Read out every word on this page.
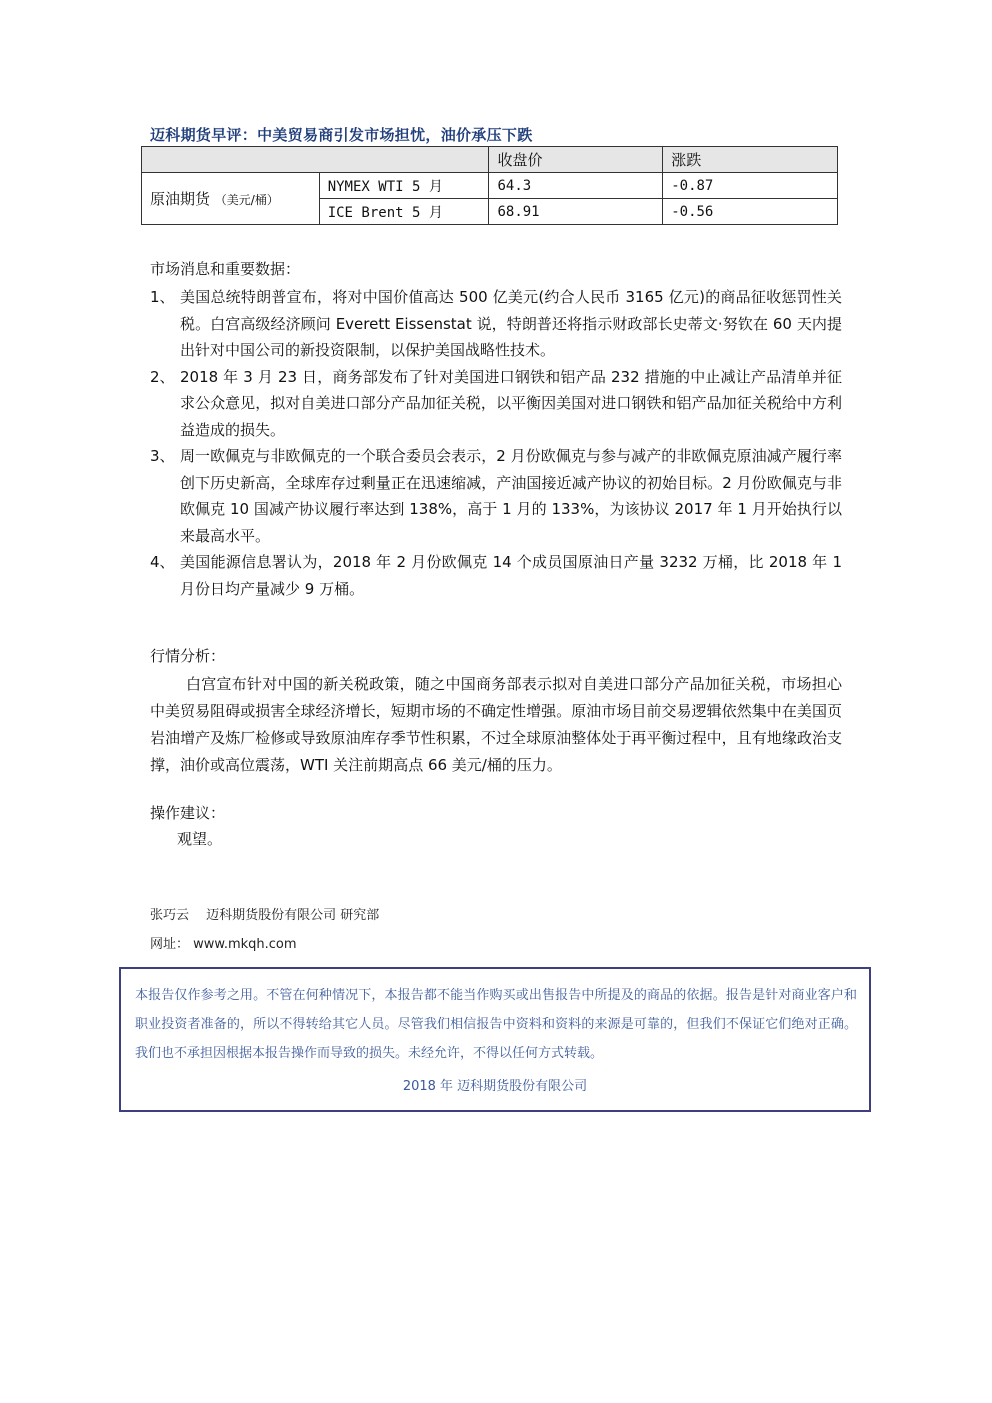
迈科期货早评：中美贸易商引发市场担忧，油价承压下跌
		收盘价	涨跌
原油期货 （美元/桶）	NYMEX WTI 5 月	64.3	-0.87
	ICE Brent 5 月	68.91	-0.56
市场消息和重要数据：
1、 美国总统特朗普宣布，将对中国价值高达 500 亿美元(约合人民币 3165 亿元)的商品征收惩罚性关税。白宫高级经济顾问 Everett Eissenstat 说，特朗普还将指示财政部长史蒂文·努钦在 60 天内提出针对中国公司的新投资限制，以保护美国战略性技术。
2、 2018 年 3 月 23 日，商务部发布了针对美国进口钢铁和铝产品 232 措施的中止减让产品清单并征求公众意见，拟对自美进口部分产品加征关税，以平衡因美国对进口钢铁和铝产品加征关税给中方利益造成的损失。
3、 周一欧佩克与非欧佩克的一个联合委员会表示，2 月份欧佩克与参与减产的非欧佩克原油减产履行率创下历史新高，全球库存过剩量正在迅速缩减，产油国接近减产协议的初始目标。2 月份欧佩克与非欧佩克 10 国减产协议履行率达到 138%，高于 1 月的 133%，为该协议 2017 年 1 月开始执行以来最高水平。
4、 美国能源信息署认为，2018 年 2 月份欧佩克 14 个成员国原油日产量 3232 万桶，比 2018 年 1 月份日均产量减少 9 万桶。
行情分析：

白宫宣布针对中国的新关税政策，随之中国商务部表示拟对自美进口部分产品加征关税，市场担心中美贸易阻碍或损害全球经济增长，短期市场的不确定性增强。原油市场目前交易逻辑依然集中在美国页岩油增产及炼厂检修或导致原油库存季节性积累，不过全球原油整体处于再平衡过程中，且有地缘政治支撑，油价或高位震荡，WTI 关注前期高点 66 美元/桶的压力。

操作建议：
观望。
张巧云　 迈科期货股份有限公司 研究部
网址： www.mkqh.com

本报告仅作参考之用。不管在何种情况下，本报告都不能当作购买或出售报告中所提及的商品的依据。报告是针对商业客户和职业投资者准备的，所以不得转给其它人员。尽管我们相信报告中资料和资料的来源是可靠的，但我们不保证它们绝对正确。我们也不承担因根据本报告操作而导致的损失。未经允许，不得以任何方式转载。

2018 年 迈科期货股份有限公司
